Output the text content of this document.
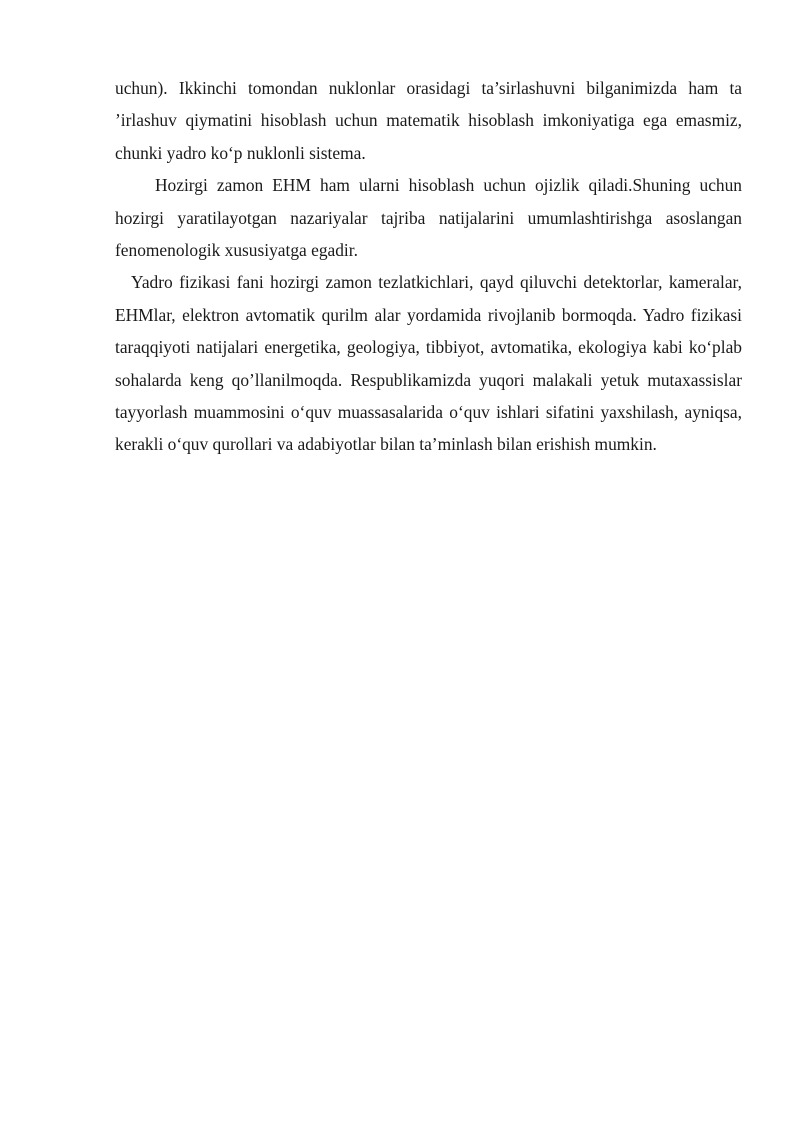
uchun). Ikkinchi tomondan nuklonlar orasidagi ta’sirlashuvni bilganimizda ham ta ’irlashuv qiymatini hisoblash uchun matematik hisoblash imkoniyatiga ega emasmiz, chunki yadro ko‘p nuklonli sistema.

Hozirgi zamon EHM ham ularni hisoblash uchun ojizlik qiladi.Shuning uchun hozirgi yaratilayotgan nazariyalar tajriba natijalarini umumlashtirishga asoslangan fenomenologik xususiyatga egadir.

Yadro fizikasi fani hozirgi zamon tezlatkichlari, qayd qiluvchi detektorlar, kameralar, EHMlar, elektron avtomatik qurilm alar yordamida rivojlanib bormoqda. Yadro fizikasi taraqqiyoti natijalari energetika, geologiya, tibbiyot, avtomatika, ekologiya kabi ko‘plab sohalarda keng qo’llanilmoqda. Respublikamizda yuqori malakali yetuk mutaxassislar tayyorlash muammosini o‘quv muassasalarida o‘quv ishlari sifatini yaxshilash, ayniqsa, kerakli o‘quv qurollari va adabiyotlar bilan ta’minlash bilan erishish mumkin.
